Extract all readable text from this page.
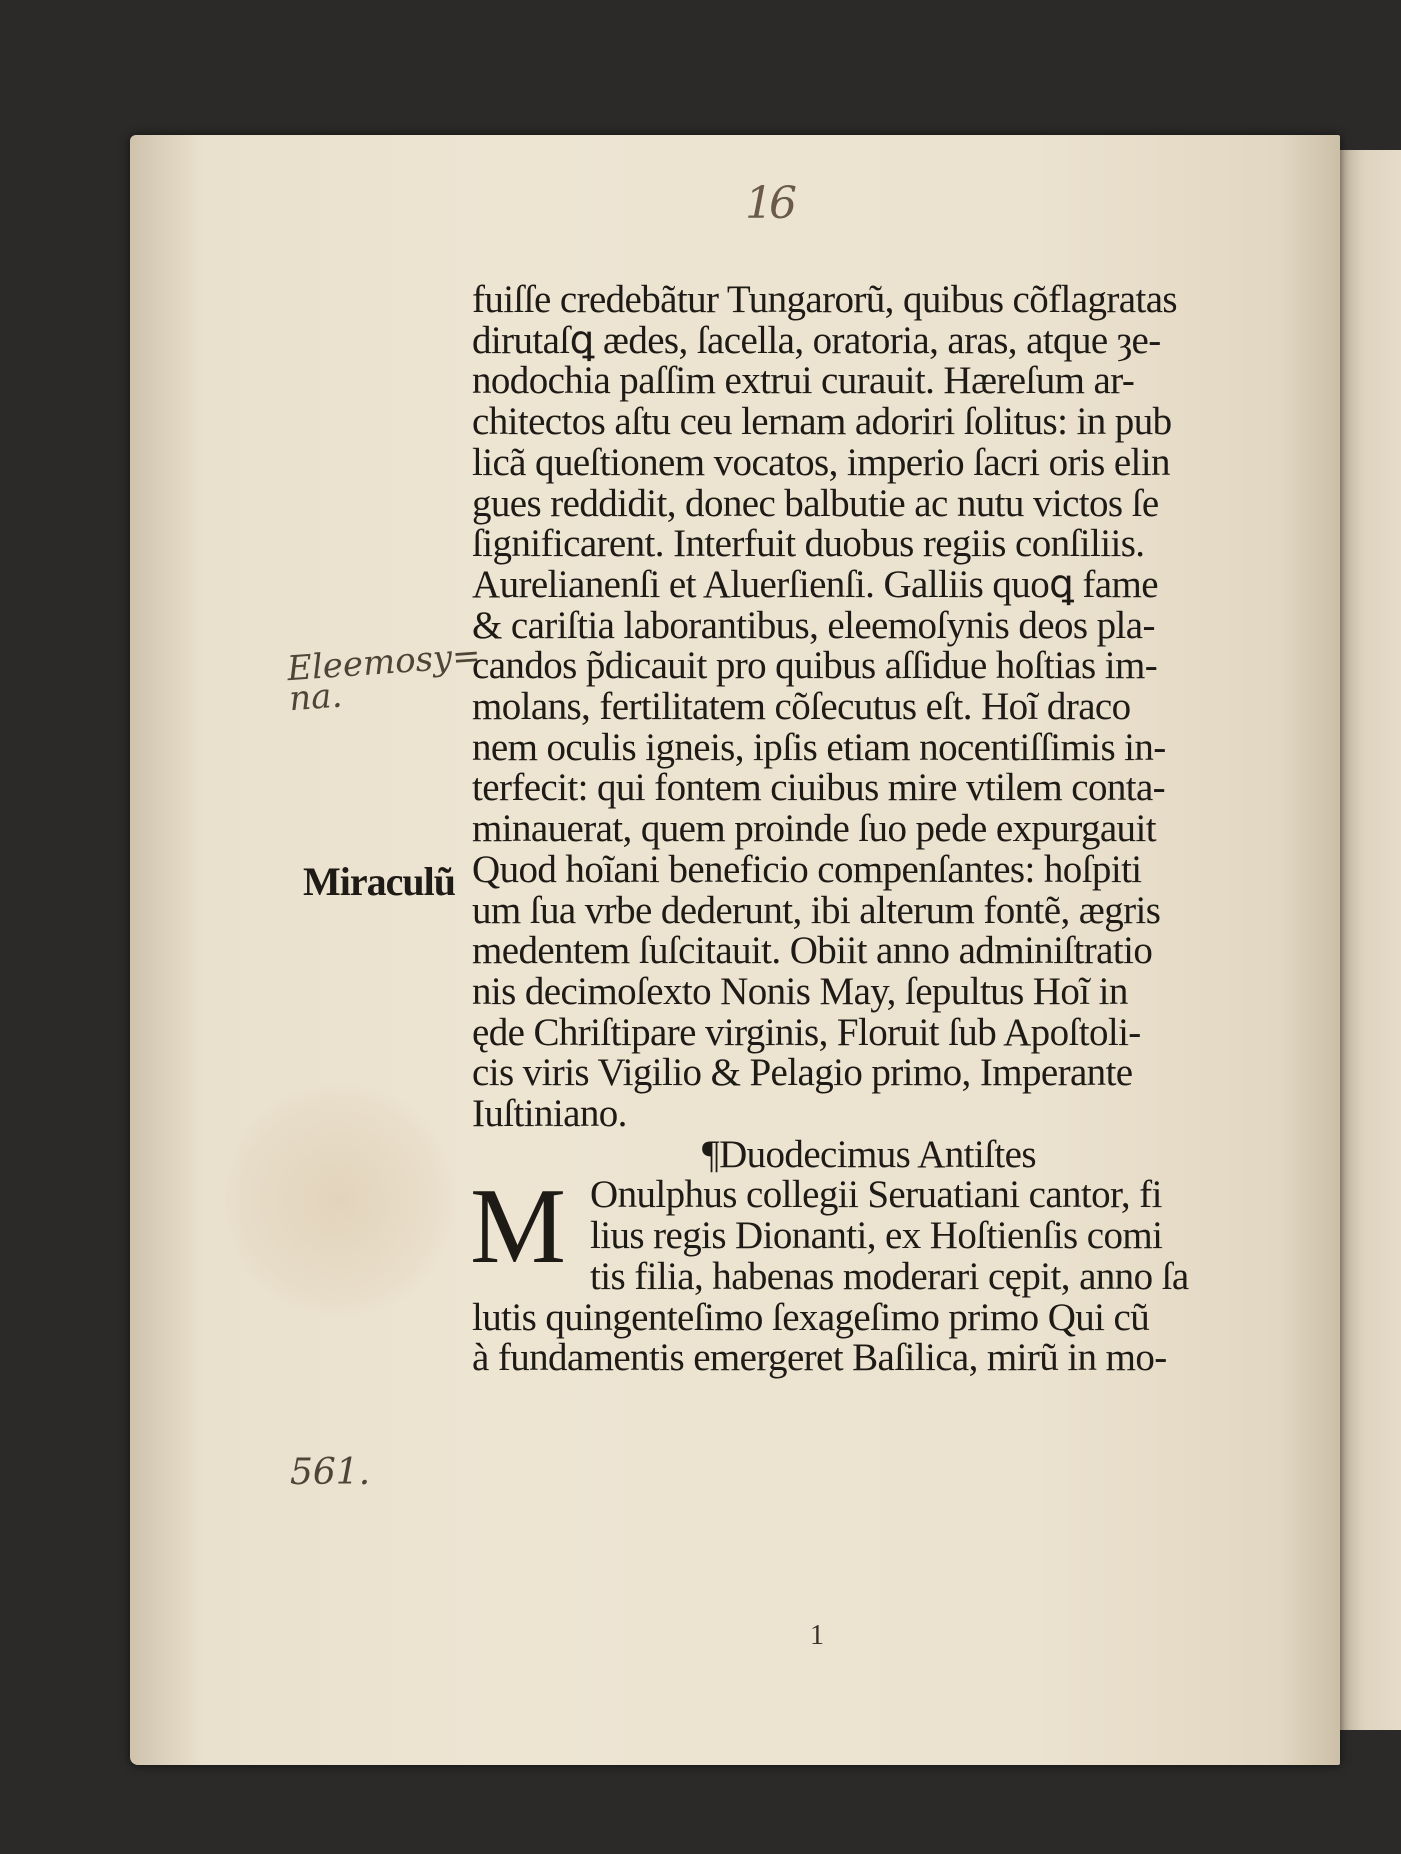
16
Eleemosy= na.
Miraculũ
561.
fuiſſe credebãtur Tungarorũ, quibus cõflagratas
dirutaſꝗ ædes, ſacella, oratoria, aras, atque ȝe-
nodochia paſſim extrui curauit. Hæreſum ar-
chitectos aſtu ceu lernam adoriri ſolitus: in pub
licã queſtionem vocatos, imperio ſacri oris elin
gues reddidit, donec balbutie ac nutu victos ſe
ſignificarent. Interfuit duobus regiis conſiliis.
Aurelianenſi et Aluerſienſi. Galliis quoꝗ fame
& cariſtia laborantibus, eleemoſynis deos pla-
candos p̃dicauit pro quibus aſſidue hoſtias im-
molans, fertilitatem cõſecutus eſt. Hoĩ draco
nem oculis igneis, ipſis etiam nocentiſſimis in-
terfecit: qui fontem ciuibus mire vtilem conta-
minauerat, quem proinde ſuo pede expurgauit
Quod hoĩani beneficio compenſantes: hoſpiti
um ſua vrbe dederunt, ibi alterum fontẽ, ægris
medentem ſuſcitauit. Obiit anno adminiſtratio
nis decimoſexto Nonis May, ſepultus Hoĩ in
ęde Chriſtipare virginis, Floruit ſub Apoſtoli-
cis viris Vigilio & Pelagio primo, Imperante
Iuſtiniano.
¶Duodecimus Antiſtes
M Onulphus collegii Seruatiani cantor, fi
lius regis Dionanti, ex Hoſtienſis comi
tis filia, habenas moderari cępit, anno ſa
lutis quingenteſimo ſexageſimo primo Qui cũ
à fundamentis emergeret Baſilica, mirũ in mo-
1
